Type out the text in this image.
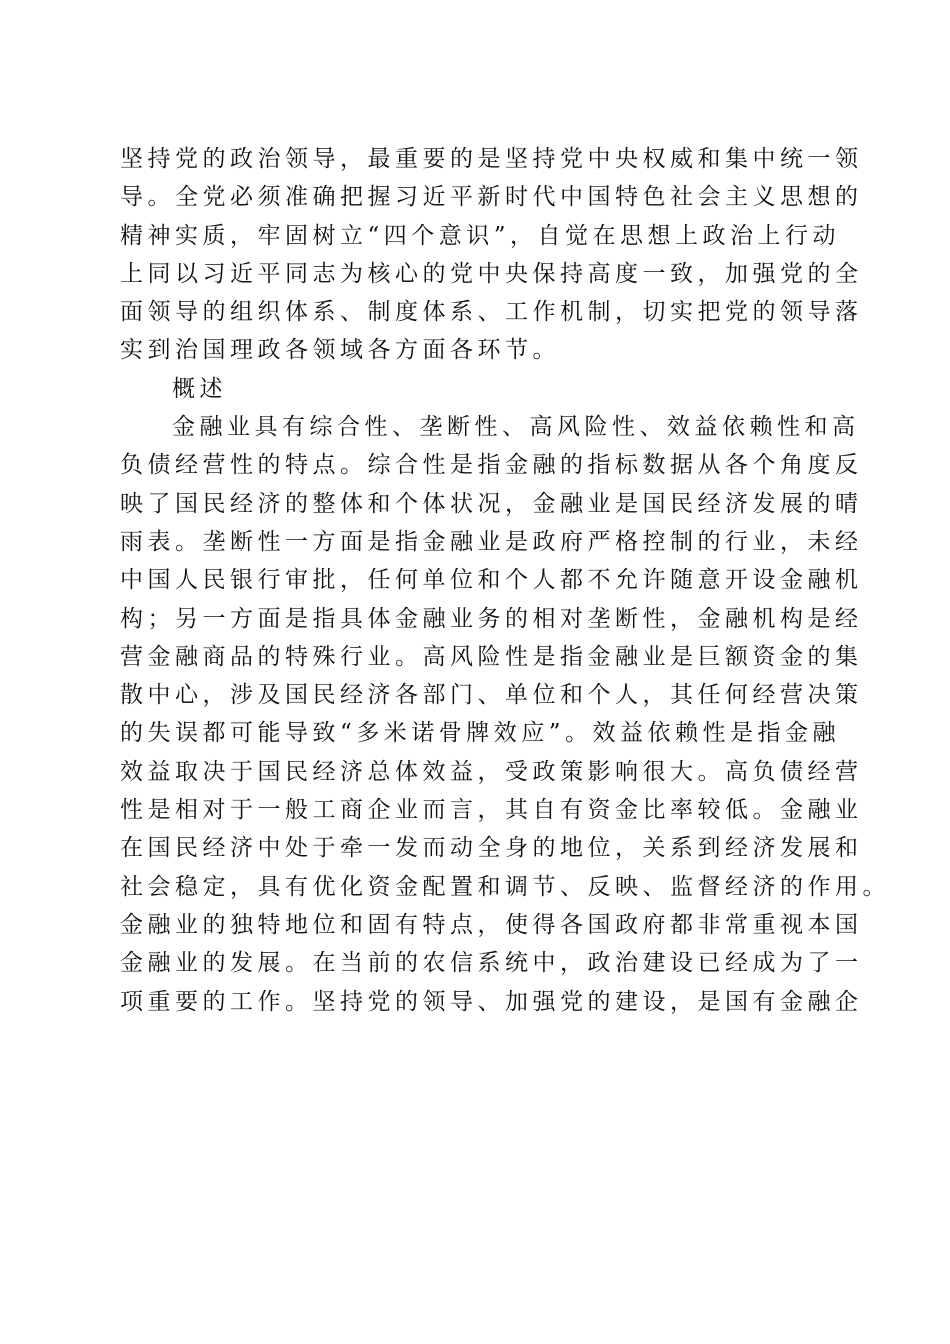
坚持党的政治领导，最重要的是坚持党中央权威和集中统一领
导。全党必须准确把握习近平新时代中国特色社会主义思想的
精神实质，牢固树立“四个意识”，自觉在思想上政治上行动
上同以习近平同志为核心的党中央保持高度一致，加强党的全
面领导的组织体系、制度体系、工作机制，切实把党的领导落
实到治国理政各领域各方面各环节。
概述
金融业具有综合性、垄断性、高风险性、效益依赖性和高
负债经营性的特点。综合性是指金融的指标数据从各个角度反
映了国民经济的整体和个体状况，金融业是国民经济发展的晴
雨表。垄断性一方面是指金融业是政府严格控制的行业，未经
中国人民银行审批，任何单位和个人都不允许随意开设金融机
构；另一方面是指具体金融业务的相对垄断性，金融机构是经
营金融商品的特殊行业。高风险性是指金融业是巨额资金的集
散中心，涉及国民经济各部门、单位和个人，其任何经营决策
的失误都可能导致“多米诺骨牌效应”。效益依赖性是指金融
效益取决于国民经济总体效益，受政策影响很大。高负债经营
性是相对于一般工商企业而言，其自有资金比率较低。金融业
在国民经济中处于牵一发而动全身的地位，关系到经济发展和
社会稳定，具有优化资金配置和调节、反映、监督经济的作用。
金融业的独特地位和固有特点，使得各国政府都非常重视本国
金融业的发展。在当前的农信系统中，政治建设已经成为了一
项重要的工作。坚持党的领导、加强党的建设，是国有金融企
